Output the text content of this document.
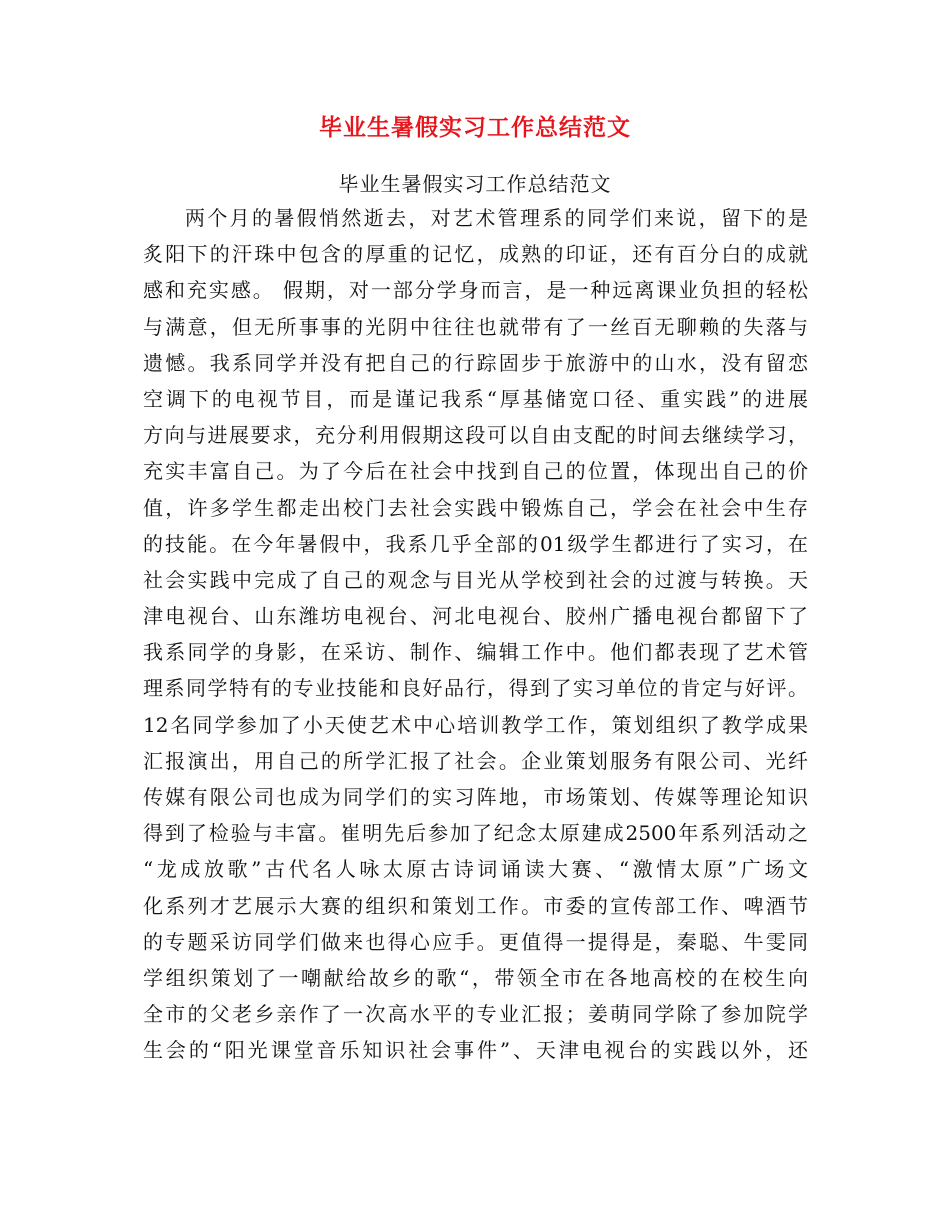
毕业生暑假实习工作总结范文
毕业生暑假实习工作总结范文
两个月的暑假悄然逝去，对艺术管理系的同学们来说，留下的是
炙阳下的汗珠中包含的厚重的记忆，成熟的印证，还有百分白的成就
感和充实感。 假期，对一部分学身而言，是一种远离课业负担的轻松
与满意，但无所事事的光阴中往往也就带有了一丝百无聊赖的失落与
遗憾。我系同学并没有把自己的行踪固步于旅游中的山水，没有留恋
空调下的电视节目，而是谨记我系“厚基储宽口径、重实践”的进展
方向与进展要求，充分利用假期这段可以自由支配的时间去继续学习，
充实丰富自己。为了今后在社会中找到自己的位置，体现出自己的价
值，许多学生都走出校门去社会实践中锻炼自己，学会在社会中生存
的技能。在今年暑假中，我系几乎全部的01级学生都进行了实习，在
社会实践中完成了自己的观念与目光从学校到社会的过渡与转换。天
津电视台、山东潍坊电视台、河北电视台、胶州广播电视台都留下了
我系同学的身影，在采访、制作、编辑工作中。他们都表现了艺术管
理系同学特有的专业技能和良好品行，得到了实习单位的肯定与好评。
12名同学参加了小天使艺术中心培训教学工作，策划组织了教学成果
汇报演出，用自己的所学汇报了社会。企业策划服务有限公司、光纤
传媒有限公司也成为同学们的实习阵地，市场策划、传媒等理论知识
得到了检验与丰富。崔明先后参加了纪念太原建成2500年系列活动之
“龙成放歌”古代名人咏太原古诗词诵读大赛、“激情太原”广场文
化系列才艺展示大赛的组织和策划工作。市委的宣传部工作、啤酒节
的专题采访同学们做来也得心应手。更值得一提得是，秦聪、牛雯同
学组织策划了一嘲献给故乡的歌“，带领全市在各地高校的在校生向
全市的父老乡亲作了一次高水平的专业汇报；姜萌同学除了参加院学
生会的“阳光课堂音乐知识社会事件”、天津电视台的实践以外，还
